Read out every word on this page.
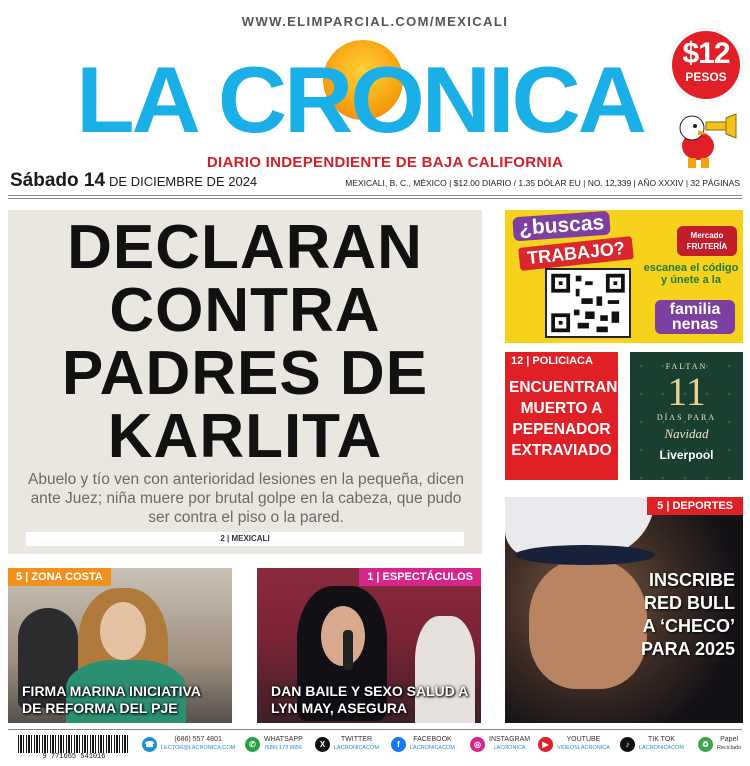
WWW.ELIMPARCIAL.COM/MEXICALI
LA CRONICA	$12
PESOS
DIARIO INDEPENDIENTE DE BAJA CALIFORNIA
Sábado 14 DE DICIEMBRE DE 2024	MEXICALI, B. C., MÉXICO | $12.00 DIARIO / 1.35 DÓLAR EU | NO. 12,339 | AÑO XXXIV | 32 PÁGINAS
DECLARAN
CONTRA
PADRES DE
KARLITA

Abuelo y tío ven con anterioridad lesiones en la pequeña, dicen ante Juez; niña muere por brutal golpe en la cabeza, que pudo ser contra el piso o la pared.

2 | MEXICALI
¿buscas
TRABAJO?
Mercado FRUTERÍA
escanea el código y únete a la
familia nenas
12 | POLICIACA
ENCUENTRAN MUERTO A PEPENADOR EXTRAVIADO
FALTAN
11
DÍAS PARA
Navidad
Liverpool
5 | DEPORTES
INSCRIBE
RED BULL
A ‘CHECO’
PARA 2025
5 | ZONA COSTA
FIRMA MARINA INICIATIVA DE REFORMA DEL PJE
1 | ESPECTÁCULOS
DAN BAILE Y SEXO SALUD A LYN MAY, ASEGURA
9 771665 541016
☎	(686) 557 4801
LECTOR@LACRONICA.COM	✆	WHATSAPP
(686) 173 8656	X	TWITTER
LACRONICACOM	f	FACEBOOK
LACRONICACOM	◎	INSTAGRAM
LACRONICA	▶	YOUTUBE
VIDEOSLACRONICA	♪	TIK TOK
LACRONICACOM	♻	Papel
Reciclado
